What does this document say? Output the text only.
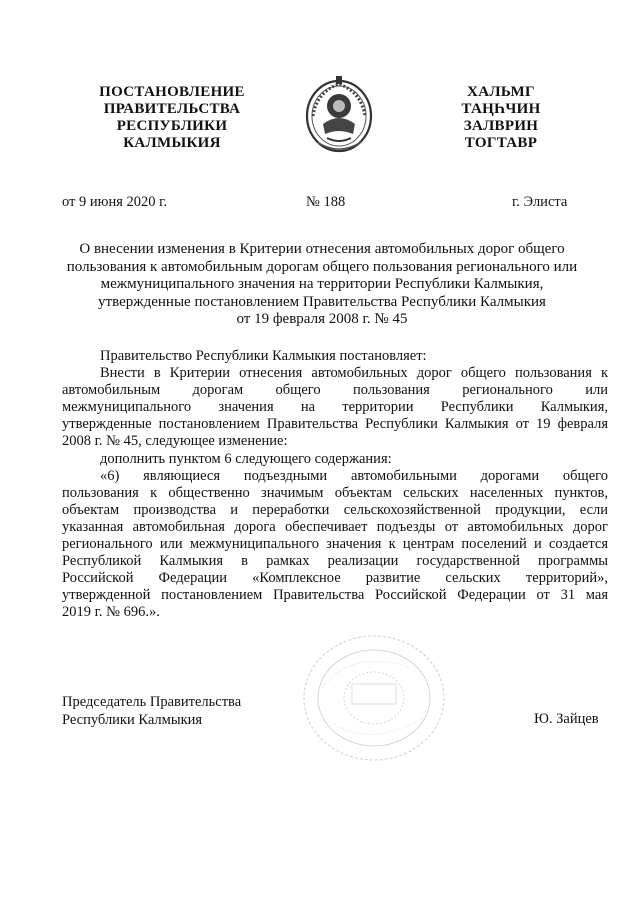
ПОСТАНОВЛЕНИЕ
ПРАВИТЕЛЬСТВА
РЕСПУБЛИКИ
КАЛМЫКИЯ
ХАЛЬМГ
ТАҢҺЧИН
ЗАЛВРИН
ТОГТАВР
от 9 июня 2020 г.	№ 188	г. Элиста
О внесении изменения в Критерии отнесения автомобильных дорог общего
пользования к автомобильным дорогам общего пользования регионального или
межмуниципального значения на территории Республики Калмыкия,
утвержденные постановлением Правительства Республики Калмыкия
от 19 февраля 2008 г. № 45
Правительство Республики Калмыкия постановляет:
Внести в Критерии отнесения автомобильных дорог общего пользования к
автомобильным дорогам общего пользования регионального или
межмуниципального значения на территории Республики Калмыкия,
утвержденные постановлением Правительства Республики Калмыкия от 19 февраля
2008 г. № 45, следующее изменение:
дополнить пунктом 6 следующего содержания:
«6) являющиеся подъездными автомобильными дорогами общего
пользования к общественно значимым объектам сельских населенных пунктов,
объектам производства и переработки сельскохозяйственной продукции, если
указанная автомобильная дорога обеспечивает подъезды от автомобильных дорог
регионального или межмуниципального значения к центрам поселений и создается
Республикой Калмыкия в рамках реализации государственной программы
Российской Федерации «Комплексное развитие сельских территорий»,
утвержденной постановлением Правительства Российской Федерации от 31 мая
2019 г. № 696.».
Председатель Правительства
Республики Калмыкия	Ю. Зайцев
